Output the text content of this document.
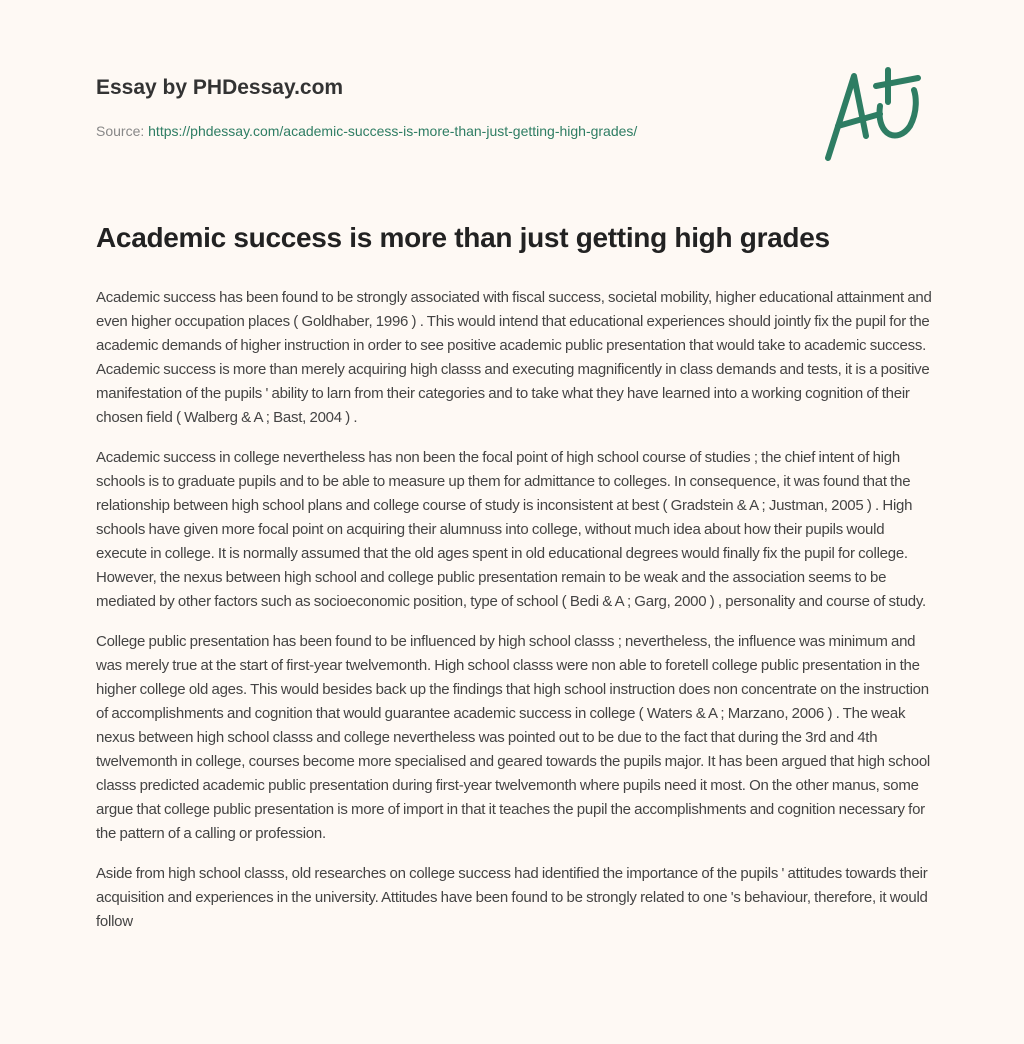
Essay by PHDessay.com
Source: https://phdessay.com/academic-success-is-more-than-just-getting-high-grades/
Academic success is more than just getting high grades

Academic success has been found to be strongly associated with fiscal success, societal mobility, higher educational attainment and even higher occupation places ( Goldhaber, 1996 ) . This would intend that educational experiences should jointly fix the pupil for the academic demands of higher instruction in order to see positive academic public presentation that would take to academic success. Academic success is more than merely acquiring high classs and executing magnificently in class demands and tests, it is a positive manifestation of the pupils ' ability to larn from their categories and to take what they have learned into a working cognition of their chosen field ( Walberg & A ; Bast, 2004 ) .

Academic success in college nevertheless has non been the focal point of high school course of studies ; the chief intent of high schools is to graduate pupils and to be able to measure up them for admittance to colleges. In consequence, it was found that the relationship between high school plans and college course of study is inconsistent at best ( Gradstein & A ; Justman, 2005 ) . High schools have given more focal point on acquiring their alumnuss into college, without much idea about how their pupils would execute in college. It is normally assumed that the old ages spent in old educational degrees would finally fix the pupil for college. However, the nexus between high school and college public presentation remain to be weak and the association seems to be mediated by other factors such as socioeconomic position, type of school ( Bedi & A ; Garg, 2000 ) , personality and course of study.

College public presentation has been found to be influenced by high school classs ; nevertheless, the influence was minimum and was merely true at the start of first-year twelvemonth. High school classs were non able to foretell college public presentation in the higher college old ages. This would besides back up the findings that high school instruction does non concentrate on the instruction of accomplishments and cognition that would guarantee academic success in college ( Waters & A ; Marzano, 2006 ) . The weak nexus between high school classs and college nevertheless was pointed out to be due to the fact that during the 3rd and 4th twelvemonth in college, courses become more specialised and geared towards the pupils major. It has been argued that high school classs predicted academic public presentation during first-year twelvemonth where pupils need it most. On the other manus, some argue that college public presentation is more of import in that it teaches the pupil the accomplishments and cognition necessary for the pattern of a calling or profession.

Aside from high school classs, old researches on college success had identified the importance of the pupils ' attitudes towards their acquisition and experiences in the university. Attitudes have been found to be strongly related to one 's behaviour, therefore, it would follow
